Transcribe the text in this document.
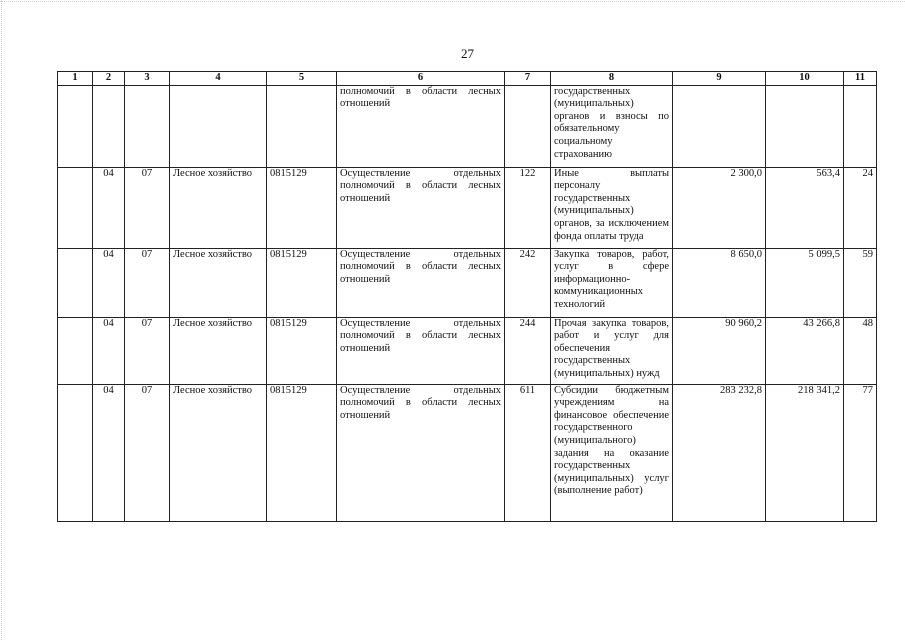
27
1	2	3	4	5	6	7	8	9	10	11
					полномочий в области лесных отношений		государственных (муниципальных) органов и взносы по обязательному социальному страхованию			
	04	07	Лесное хозяйство	0815129	Осуществление отдельных полномочий в области лесных отношений	122	Иные выплаты персоналу государственных (муниципальных) органов, за исключением фонда оплаты труда	2 300,0	563,4	24
	04	07	Лесное хозяйство	0815129	Осуществление отдельных полномочий в области лесных отношений	242	Закупка товаров, работ, услуг в сфере информационно-коммуникационных технологий	8 650,0	5 099,5	59
	04	07	Лесное хозяйство	0815129	Осуществление отдельных полномочий в области лесных отношений	244	Прочая закупка товаров, работ и услуг для обеспечения государственных (муниципальных) нужд	90 960,2	43 266,8	48
	04	07	Лесное хозяйство	0815129	Осуществление отдельных полномочий в области лесных отношений	611	Субсидии бюджетным учреждениям на финансовое обеспечение государственного (муниципального) задания на оказание государственных (муниципальных) услуг (выполнение работ)	283 232,8	218 341,2	77
